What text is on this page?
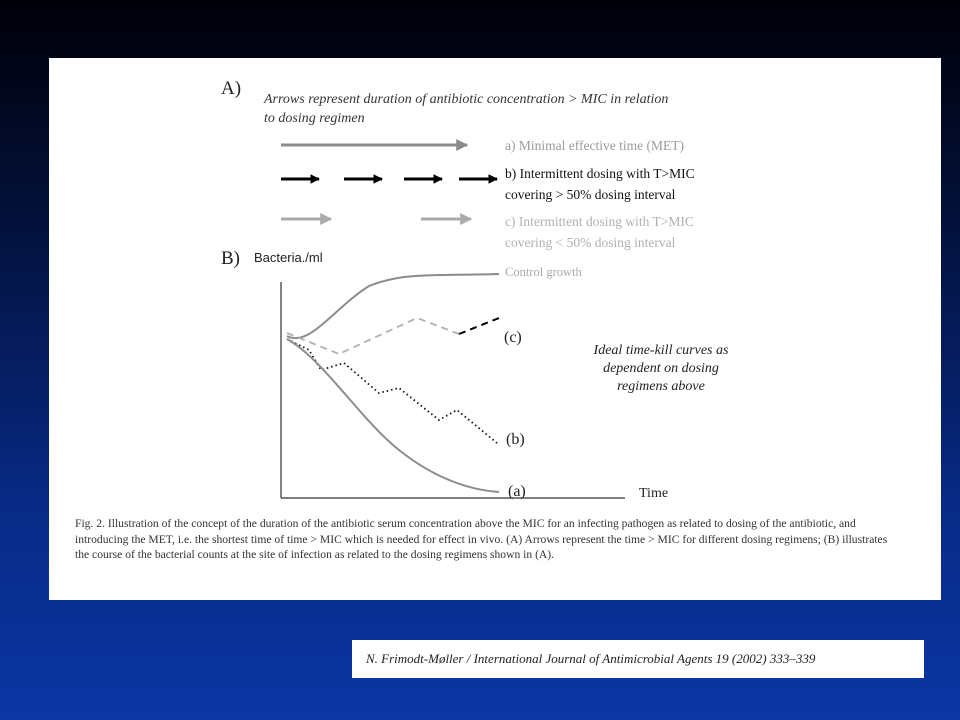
A)
Arrows represent duration of antibiotic concentration > MIC in relation
to dosing regimen
a) Minimal effective time (MET)
b) Intermittent dosing with T>MIC
covering > 50% dosing interval
c) Intermittent dosing with T>MIC
covering < 50% dosing interval
B) Bacteria./ml
Time
Control growth
(c)
(b)
(a)
Ideal time-kill curves as
dependent on dosing
regimens above
Fig. 2. Illustration of the concept of the duration of the antibiotic serum concentration above the MIC for an infecting pathogen as related to dosing of the antibiotic, and introducing the MET, i.e. the shortest time of time > MIC which is needed for effect in vivo. (A) Arrows represent the time > MIC for different dosing regimens; (B) illustrates the course of the bacterial counts at the site of infection as related to the dosing regimens shown in (A).
N. Frimodt-Møller / International Journal of Antimicrobial Agents 19 (2002) 333–339
